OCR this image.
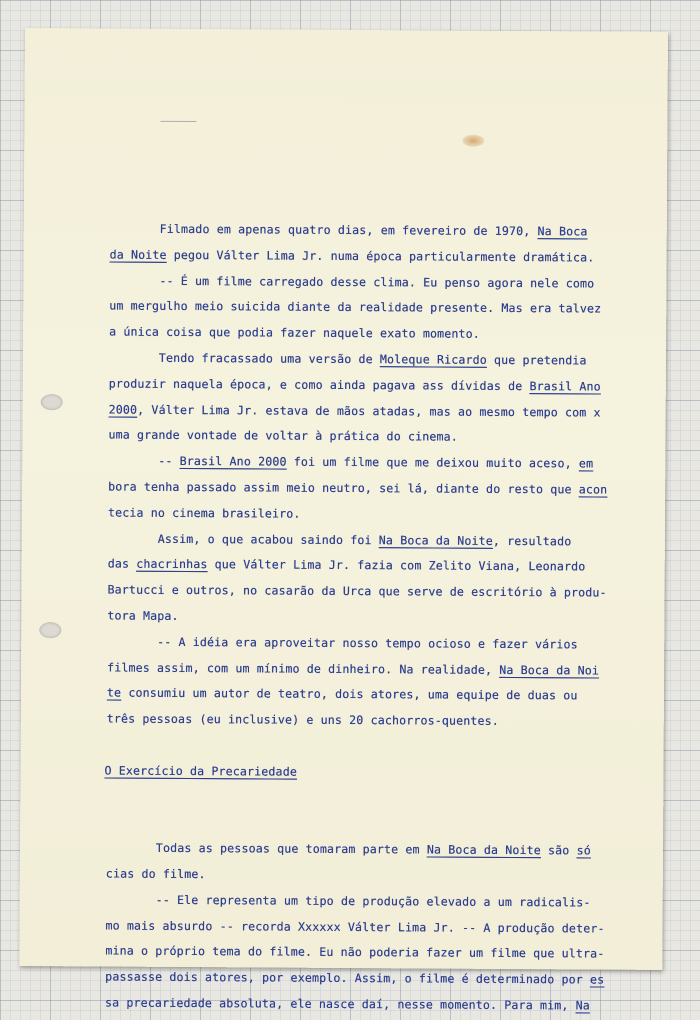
Filmado em apenas quatro dias, em fevereiro de 1970, Na Boca
da Noite pegou Válter Lima Jr. numa época particularmente dramática.
-- É um filme carregado desse clima. Eu penso agora nele como
um mergulho meio suicida diante da realidade presente. Mas era talvez
a única coisa que podia fazer naquele exato momento.
Tendo fracassado uma versão de Moleque Ricardo que pretendia
produzir naquela época, e como ainda pagava ass dívidas de Brasil Ano
2000, Válter Lima Jr. estava de mãos atadas, mas ao mesmo tempo com x
uma grande vontade de voltar à prática do cinema.
-- Brasil Ano 2000 foi um filme que me deixou muito aceso, em
bora tenha passado assim meio neutro, sei lá, diante do resto que acon
tecia no cinema brasileiro.
Assim, o que acabou saindo foi Na Boca da Noite, resultado
das chacrinhas que Válter Lima Jr. fazia com Zelito Viana, Leonardo
Bartucci e outros, no casarão da Urca que serve de escritório à produ-
tora Mapa.
-- A idéia era aproveitar nosso tempo ocioso e fazer vários
filmes assim, com um mínimo de dinheiro. Na realidade, Na Boca da Noi
te consumiu um autor de teatro, dois atores, uma equipe de duas ou
três pessoas (eu inclusive) e uns 20 cachorros-quentes.
O Exercício da Precariedade
Todas as pessoas que tomaram parte em Na Boca da Noite são só
cias do filme.
-- Ele representa um tipo de produção elevado a um radicalis-
mo mais absurdo -- recorda Xxxxxx Válter Lima Jr. -- A produção deter-
mina o próprio tema do filme. Eu não poderia fazer um filme que ultra-
passasse dois atores, por exemplo. Assim, o filme é determinado por es
sa precariedade absoluta, ele nasce daí, nesse momento. Para mim, Na
